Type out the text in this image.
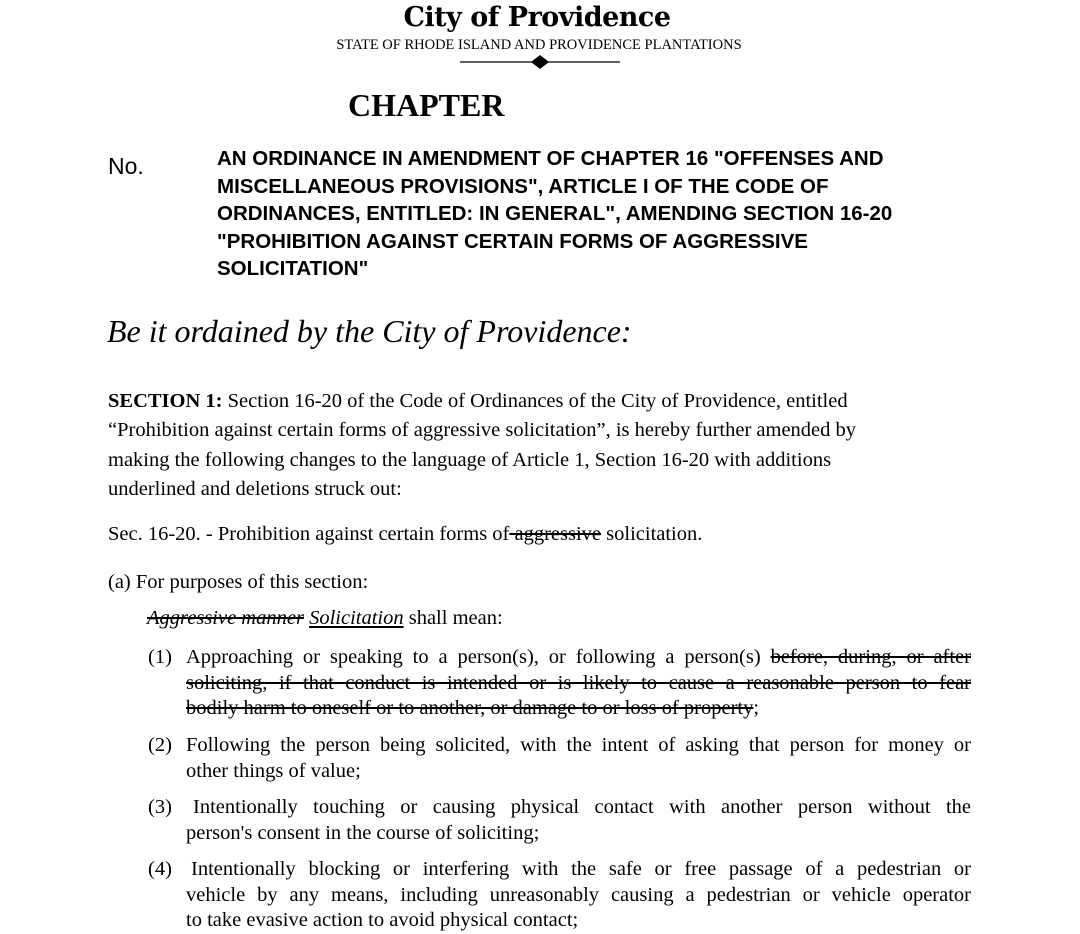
City of Providence
STATE OF RHODE ISLAND AND PROVIDENCE PLANTATIONS
CHAPTER
No.	AN ORDINANCE IN AMENDMENT OF CHAPTER 16 "OFFENSES AND
MISCELLANEOUS PROVISIONS", ARTICLE I OF THE CODE OF
ORDINANCES, ENTITLED: IN GENERAL", AMENDING SECTION 16-20
"PROHIBITION AGAINST CERTAIN FORMS OF AGGRESSIVE
SOLICITATION"
Be it ordained by the City of Providence:
SECTION 1: Section 16-20 of the Code of Ordinances of the City of Providence, entitled
“Prohibition against certain forms of aggressive solicitation”, is hereby further amended by
making the following changes to the language of Article 1, Section 16-20 with additions
underlined and deletions struck out:
Sec. 16-20. - Prohibition against certain forms of aggressive solicitation.
(a) For purposes of this section:
Aggressive manner Solicitation shall mean:
(1) Approaching or speaking to a person(s), or following a person(s) before, during, or after
soliciting, if that conduct is intended or is likely to cause a reasonable person to fear
bodily harm to oneself or to another, or damage to or loss of property;
(2) Following the person being solicited, with the intent of asking that person for money or
other things of value;
(3) Intentionally touching or causing physical contact with another person without the
person's consent in the course of soliciting;
(4) Intentionally blocking or interfering with the safe or free passage of a pedestrian or
vehicle by any means, including unreasonably causing a pedestrian or vehicle operator
to take evasive action to avoid physical contact;
